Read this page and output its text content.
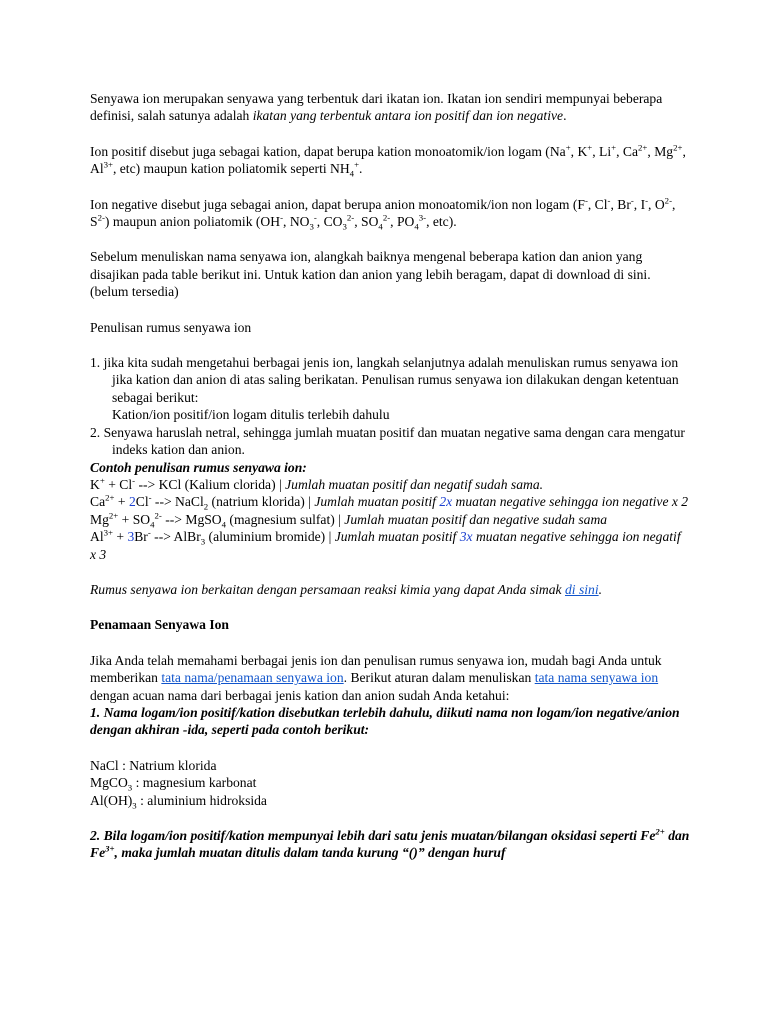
Senyawa ion merupakan senyawa yang terbentuk dari ikatan ion. Ikatan ion sendiri mempunyai beberapa definisi, salah satunya adalah ikatan yang terbentuk antara ion positif dan ion negative.

Ion positif disebut juga sebagai kation, dapat berupa kation monoatomik/ion logam (Na+, K+, Li+, $Ca^{2+}$, $Mg^{2+}$, $Al^{3+}$, etc) maupun kation poliatomik seperti $NH_4^+$.

Ion negative disebut juga sebagai anion, dapat berupa anion monoatomik/ion non logam (F-, Cl-, Br-, I-, $O^{2-}$, $S^{2-}$) maupun anion poliatomik (OH-, $NO_3^-$, $CO_3^{2-}$, $SO_4^{2-}$, $PO_4^{3-}$, etc).

Sebelum menuliskan nama senyawa ion, alangkah baiknya mengenal beberapa kation dan anion yang disajikan pada table berikut ini. Untuk kation dan anion yang lebih beragam, dapat di download di sini. (belum tersedia)

Penulisan rumus senyawa ion

1. jika kita sudah mengetahui berbagai jenis ion, langkah selanjutnya adalah menuliskan rumus senyawa ion jika kation dan anion di atas saling berikatan. Penulisan rumus senyawa ion dilakukan dengan ketentuan sebagai berikut:
Kation/ion positif/ion logam ditulis terlebih dahulu

2. Senyawa haruslah netral, sehingga jumlah muatan positif dan muatan negative sama dengan cara mengatur indeks kation dan anion.

Contoh penulisan rumus senyawa ion:

K+ + Cl- --> KCl (Kalium clorida) | Jumlah muatan positif dan negatif sudah sama.

$Ca^{2+} + 2Cl^-$ --> NaCl$_2$ (natrium klorida) | Jumlah muatan positif 2x muatan negative sehingga ion negative x 2

$Mg^{2+} + SO_4^{2-}$ --> MgSO$_4$ (magnesium sulfat) | Jumlah muatan positif dan negative sudah sama

$Al^{3+} + 3Br^-$ --> AlBr$_3$ (aluminium bromide) | Jumlah muatan positif 3x muatan negative sehingga ion negatif x 3

Rumus senyawa ion berkaitan dengan persamaan reaksi kimia yang dapat Anda simak di sini.

Penamaan Senyawa Ion

Jika Anda telah memahami berbagai jenis ion dan penulisan rumus senyawa ion, mudah bagi Anda untuk memberikan tata nama/penamaan senyawa ion. Berikut aturan dalam menuliskan tata nama senyawa ion dengan acuan nama dari berbagai jenis kation dan anion sudah Anda ketahui:

1. Nama logam/ion positif/kation disebutkan terlebih dahulu, diikuti nama non logam/ion negative/anion dengan akhiran -ida, seperti pada contoh berikut:

NaCl : Natrium klorida

MgCO$_3$ : magnesium karbonat

$Al(OH)_3$ : aluminium hidroksida

2. Bila logam/ion positif/kation mempunyai lebih dari satu jenis muatan/bilangan oksidasi seperti $Fe^{2+}$ dan $Fe^{3+}$, maka jumlah muatan ditulis dalam tanda kurung “()” dengan huruf
